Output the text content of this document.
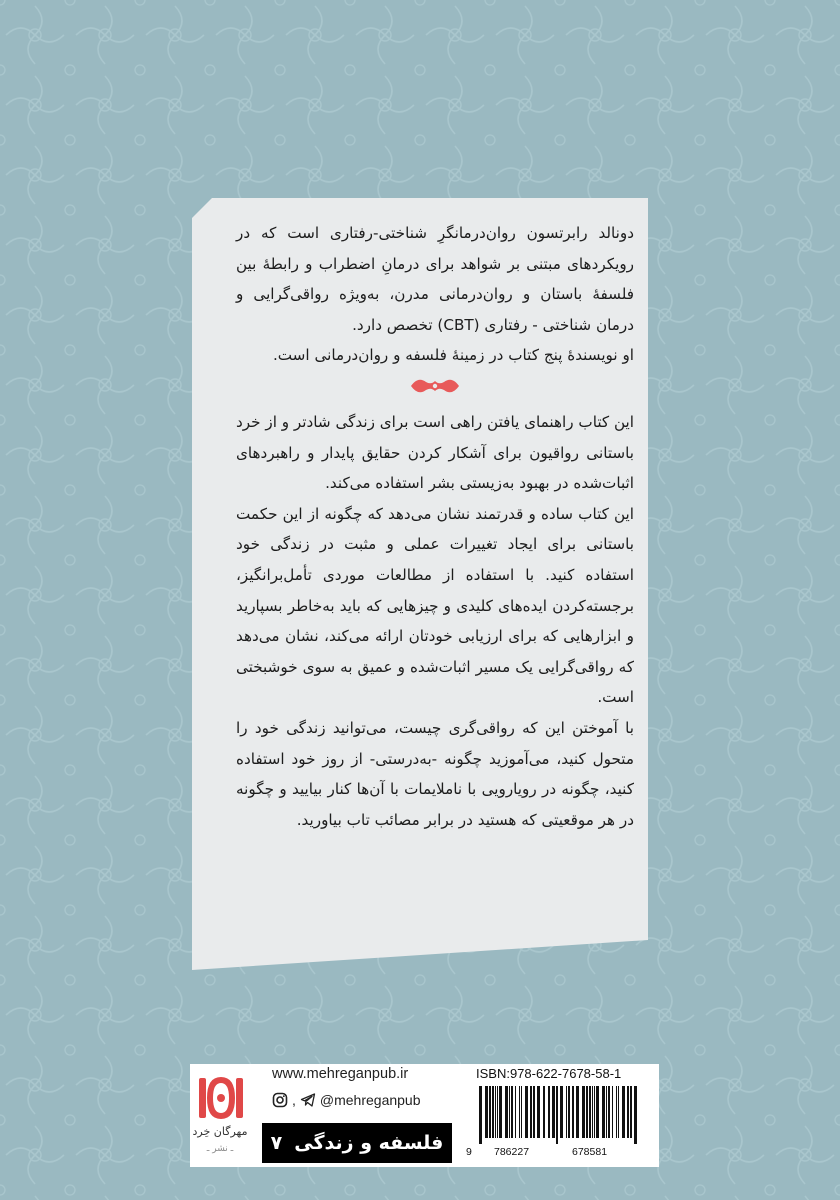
دونالد رابرتسون روان‌درمانگرِ شناختی-رفتاری است که در رویکردهای مبتنی بر شواهد برای درمانِ اضطراب و رابطهٔ بین فلسفهٔ باستان و روان‌درمانی مدرن، به‌ویژه رواقی‌گرایی و درمان شناختی - رفتاری (CBT) تخصص دارد.

او نویسندهٔ پنج کتاب در زمینهٔ فلسفه و روان‌درمانی است.

این کتاب راهنمای یافتن راهی است برای زندگی شادتر و از خرد باستانی رواقیون برای آشکار کردن حقایق پایدار و راهبردهای اثبات‌شده در بهبود به‌زیستی بشر استفاده می‌کند.

این کتاب ساده و قدرتمند نشان می‌دهد که چگونه از این حکمت باستانی برای ایجاد تغییرات عملی و مثبت در زندگی خود استفاده کنید. با استفاده از مطالعات موردی تأمل‌برانگیز، برجسته‌کردن ایده‌های کلیدی و چیزهایی که باید به‌خاطر بسپارید و ابزارهایی که برای ارزیابی خودتان ارائه می‌کند، نشان می‌دهد که رواقی‌گرایی یک مسیر اثبات‌شده و عمیق به سوی خوشبختی است.

با آموختن این که رواقی‌گری چیست، می‌توانید زندگی خود را متحول کنید، می‌آموزید چگونه -به‌درستی- از روز خود استفاده کنید، چگونه در رویارویی با ناملایمات با آن‌ها کنار بیایید و چگونه در هر موقعیتی که هستید در برابر مصائب تاب بیاورید.

مهرگان خِرد
ـ نشر ـ
www.mehreganpub.ir
, @mehreganpub
فلسفه و زندگی
۷
ISBN:978-622-7678-58-1
9 786227	678581
